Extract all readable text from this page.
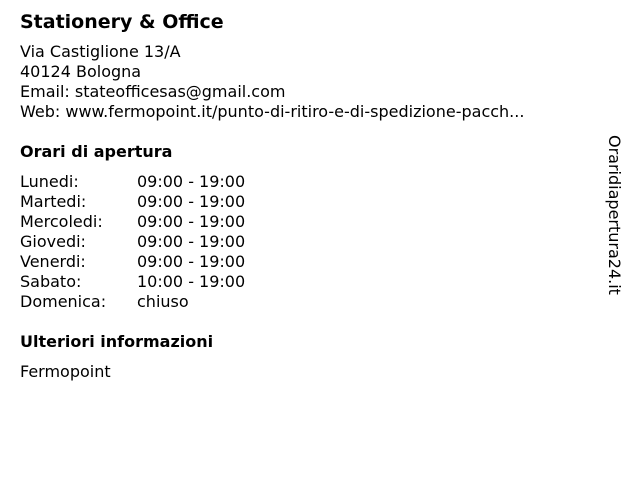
Stationery & Office
Via Castiglione 13/A
40124 Bologna
Email: stateofficesas@gmail.com
Web: www.fermopoint.it/punto-di-ritiro-e-di-spedizione-pacch...
Orari di apertura
Lunedi:	09:00 - 19:00
Martedi:	09:00 - 19:00
Mercoledi:	09:00 - 19:00
Giovedi:	09:00 - 19:00
Venerdi:	09:00 - 19:00
Sabato:	10:00 - 19:00
Domenica:	chiuso
Ulteriori informazioni
Fermopoint
Oraridiapertura24.it
